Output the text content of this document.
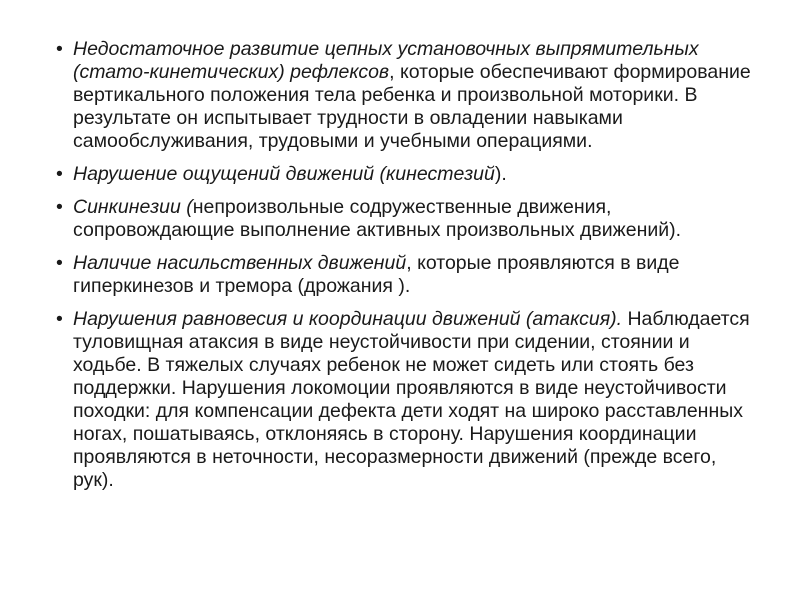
• Недостаточное развитие цепных установочных выпрямительных (стато-кинетических) рефлексов, которые обеспечивают формирование вертикального положения тела ребенка и произвольной моторики. В результате он испытывает трудности в овладении навыками самообслуживания, трудовыми и учебными операциями.
• Нарушение ощущений движений (кинестезий).
• Синкинезии (непроизвольные содружественные движения, сопровождающие выполнение активных произвольных движений).
• Наличие насильственных движений, которые проявляются в виде гиперкинезов и тремора (дрожания ).
• Нарушения равновесия и координации движений (атаксия). Наблюдается туловищная атаксия в виде неустойчивости при сидении, стоянии и ходьбе. В тяжелых случаях ребенок не может сидеть или стоять без поддержки. Нарушения локомоции проявляются в виде неустойчивости походки: для компенсации дефекта дети ходят на широко расставленных ногах, пошатываясь, отклоняясь в сторону. Нарушения координации проявляются в неточности, несоразмерности движений (прежде всего, рук).
